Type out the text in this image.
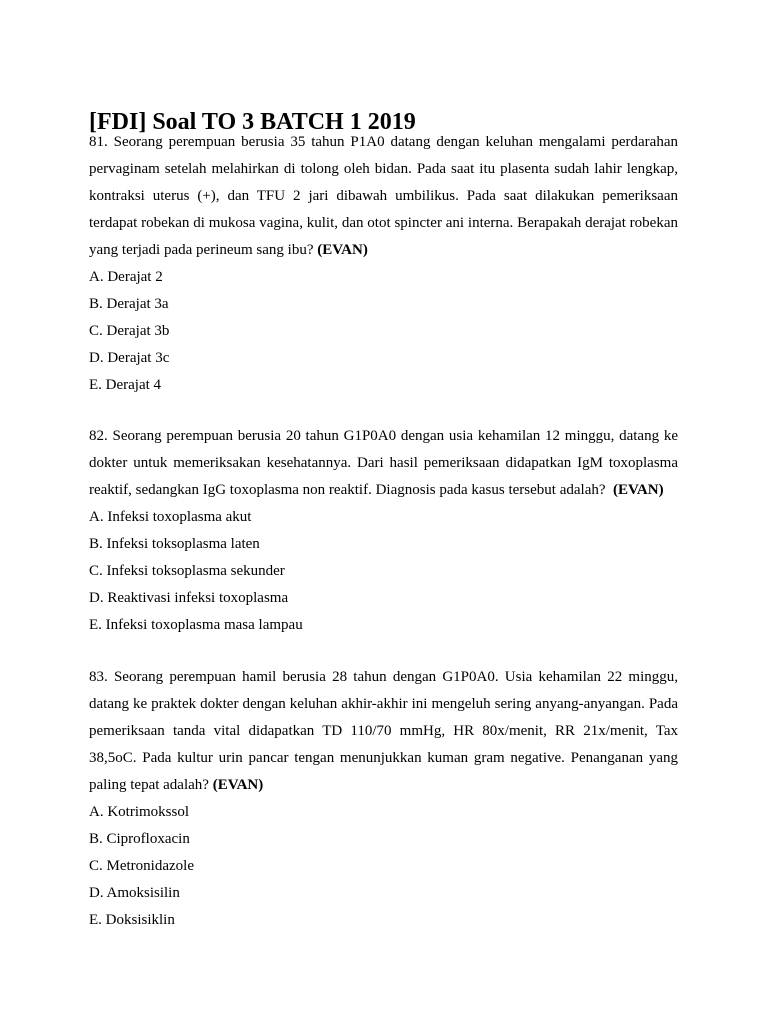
[FDI] Soal TO 3 BATCH 1 2019

81. Seorang perempuan berusia 35 tahun P1A0 datang dengan keluhan mengalami perdarahan pervaginam setelah melahirkan di tolong oleh bidan. Pada saat itu plasenta sudah lahir lengkap, kontraksi uterus (+), dan TFU 2 jari dibawah umbilikus. Pada saat dilakukan pemeriksaan terdapat robekan di mukosa vagina, kulit, dan otot spincter ani interna. Berapakah derajat robekan yang terjadi pada perineum sang ibu? (EVAN)

A. Derajat 2
B. Derajat 3a
C. Derajat 3b
D. Derajat 3c
E. Derajat 4

82. Seorang perempuan berusia 20 tahun G1P0A0 dengan usia kehamilan 12 minggu, datang ke dokter untuk memeriksakan kesehatannya. Dari hasil pemeriksaan didapatkan IgM toxoplasma reaktif, sedangkan IgG toxoplasma non reaktif. Diagnosis pada kasus tersebut adalah? (EVAN)

A. Infeksi toxoplasma akut
B. Infeksi toksoplasma laten
C. Infeksi toksoplasma sekunder
D. Reaktivasi infeksi toxoplasma
E. Infeksi toxoplasma masa lampau

83. Seorang perempuan hamil berusia 28 tahun dengan G1P0A0. Usia kehamilan 22 minggu, datang ke praktek dokter dengan keluhan akhir-akhir ini mengeluh sering anyang-anyangan. Pada pemeriksaan tanda vital didapatkan TD 110/70 mmHg, HR 80x/menit, RR 21x/menit, Tax 38,5oC. Pada kultur urin pancar tengan menunjukkan kuman gram negative. Penanganan yang paling tepat adalah? (EVAN)

A. Kotrimokssol
B. Ciprofloxacin
C. Metronidazole
D. Amoksisilin
E. Doksisiklin
